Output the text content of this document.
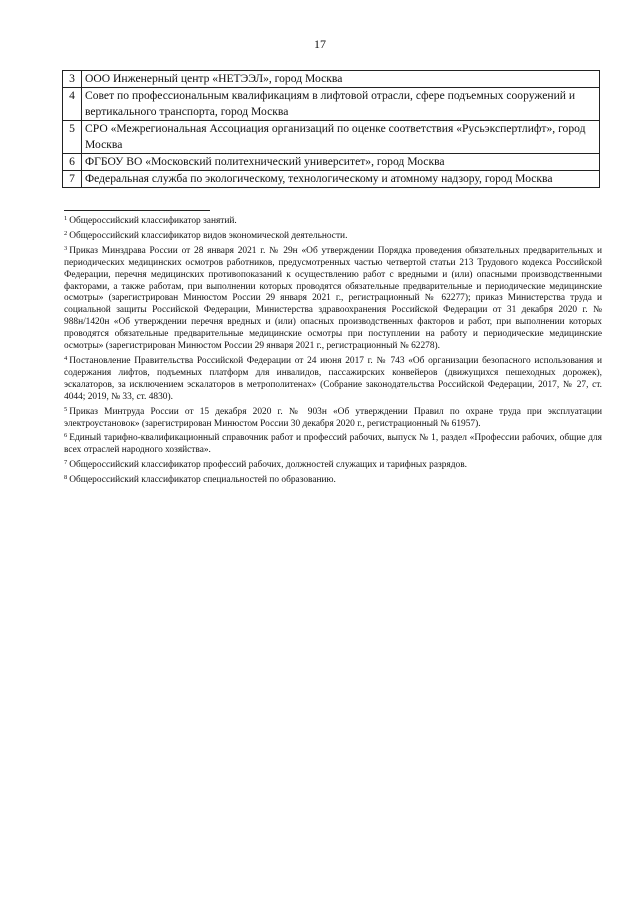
17
3	ООО Инженерный центр «НЕТЭЭЛ», город Москва
4	Совет по профессиональным квалификациям в лифтовой отрасли, сфере подъемных сооружений и вертикального транспорта, город Москва
5	СРО «Межрегиональная Ассоциация организаций по оценке соответствия «Русьэкспертлифт», город Москва
6	ФГБОУ ВО «Московский политехнический университет», город Москва
7	Федеральная служба по экологическому, технологическому и атомному надзору, город Москва

$^1$ Общероссийский классификатор занятий.

$^2$ Общероссийский классификатор видов экономической деятельности.

$^3$ Приказ Минздрава России от 28 января 2021 г. № 29н «Об утверждении Порядка проведения обязательных предварительных и периодических медицинских осмотров работников, предусмотренных частью четвертой статьи 213 Трудового кодекса Российской Федерации, перечня медицинских противопоказаний к осуществлению работ с вредными и (или) опасными производственными факторами, а также работам, при выполнении которых проводятся обязательные предварительные и периодические медицинские осмотры» (зарегистрирован Минюстом России 29 января 2021 г., регистрационный № 62277); приказ Министерства труда и социальной защиты Российской Федерации, Министерства здравоохранения Российской Федерации от 31 декабря 2020 г. № 988н/1420н «Об утверждении перечня вредных и (или) опасных производственных факторов и работ, при выполнении которых проводятся обязательные предварительные медицинские осмотры при поступлении на работу и периодические медицинские осмотры» (зарегистрирован Минюстом России 29 января 2021 г., регистрационный № 62278).

$^4$ Постановление Правительства Российской Федерации от 24 июня 2017 г. № 743 «Об организации безопасного использования и содержания лифтов, подъемных платформ для инвалидов, пассажирских конвейеров (движущихся пешеходных дорожек), эскалаторов, за исключением эскалаторов в метрополитенах» (Собрание законодательства Российской Федерации, 2017, № 27, ст. 4044; 2019, № 33, ст. 4830).

$^5$ Приказ Минтруда России от 15 декабря 2020 г. № 903н «Об утверждении Правил по охране труда при эксплуатации электроустановок» (зарегистрирован Минюстом России 30 декабря 2020 г., регистрационный № 61957).

$^6$ Единый тарифно-квалификационный справочник работ и профессий рабочих, выпуск № 1, раздел «Профессии рабочих, общие для всех отраслей народного хозяйства».

$^7$ Общероссийский классификатор профессий рабочих, должностей служащих и тарифных разрядов.

$^8$ Общероссийский классификатор специальностей по образованию.
